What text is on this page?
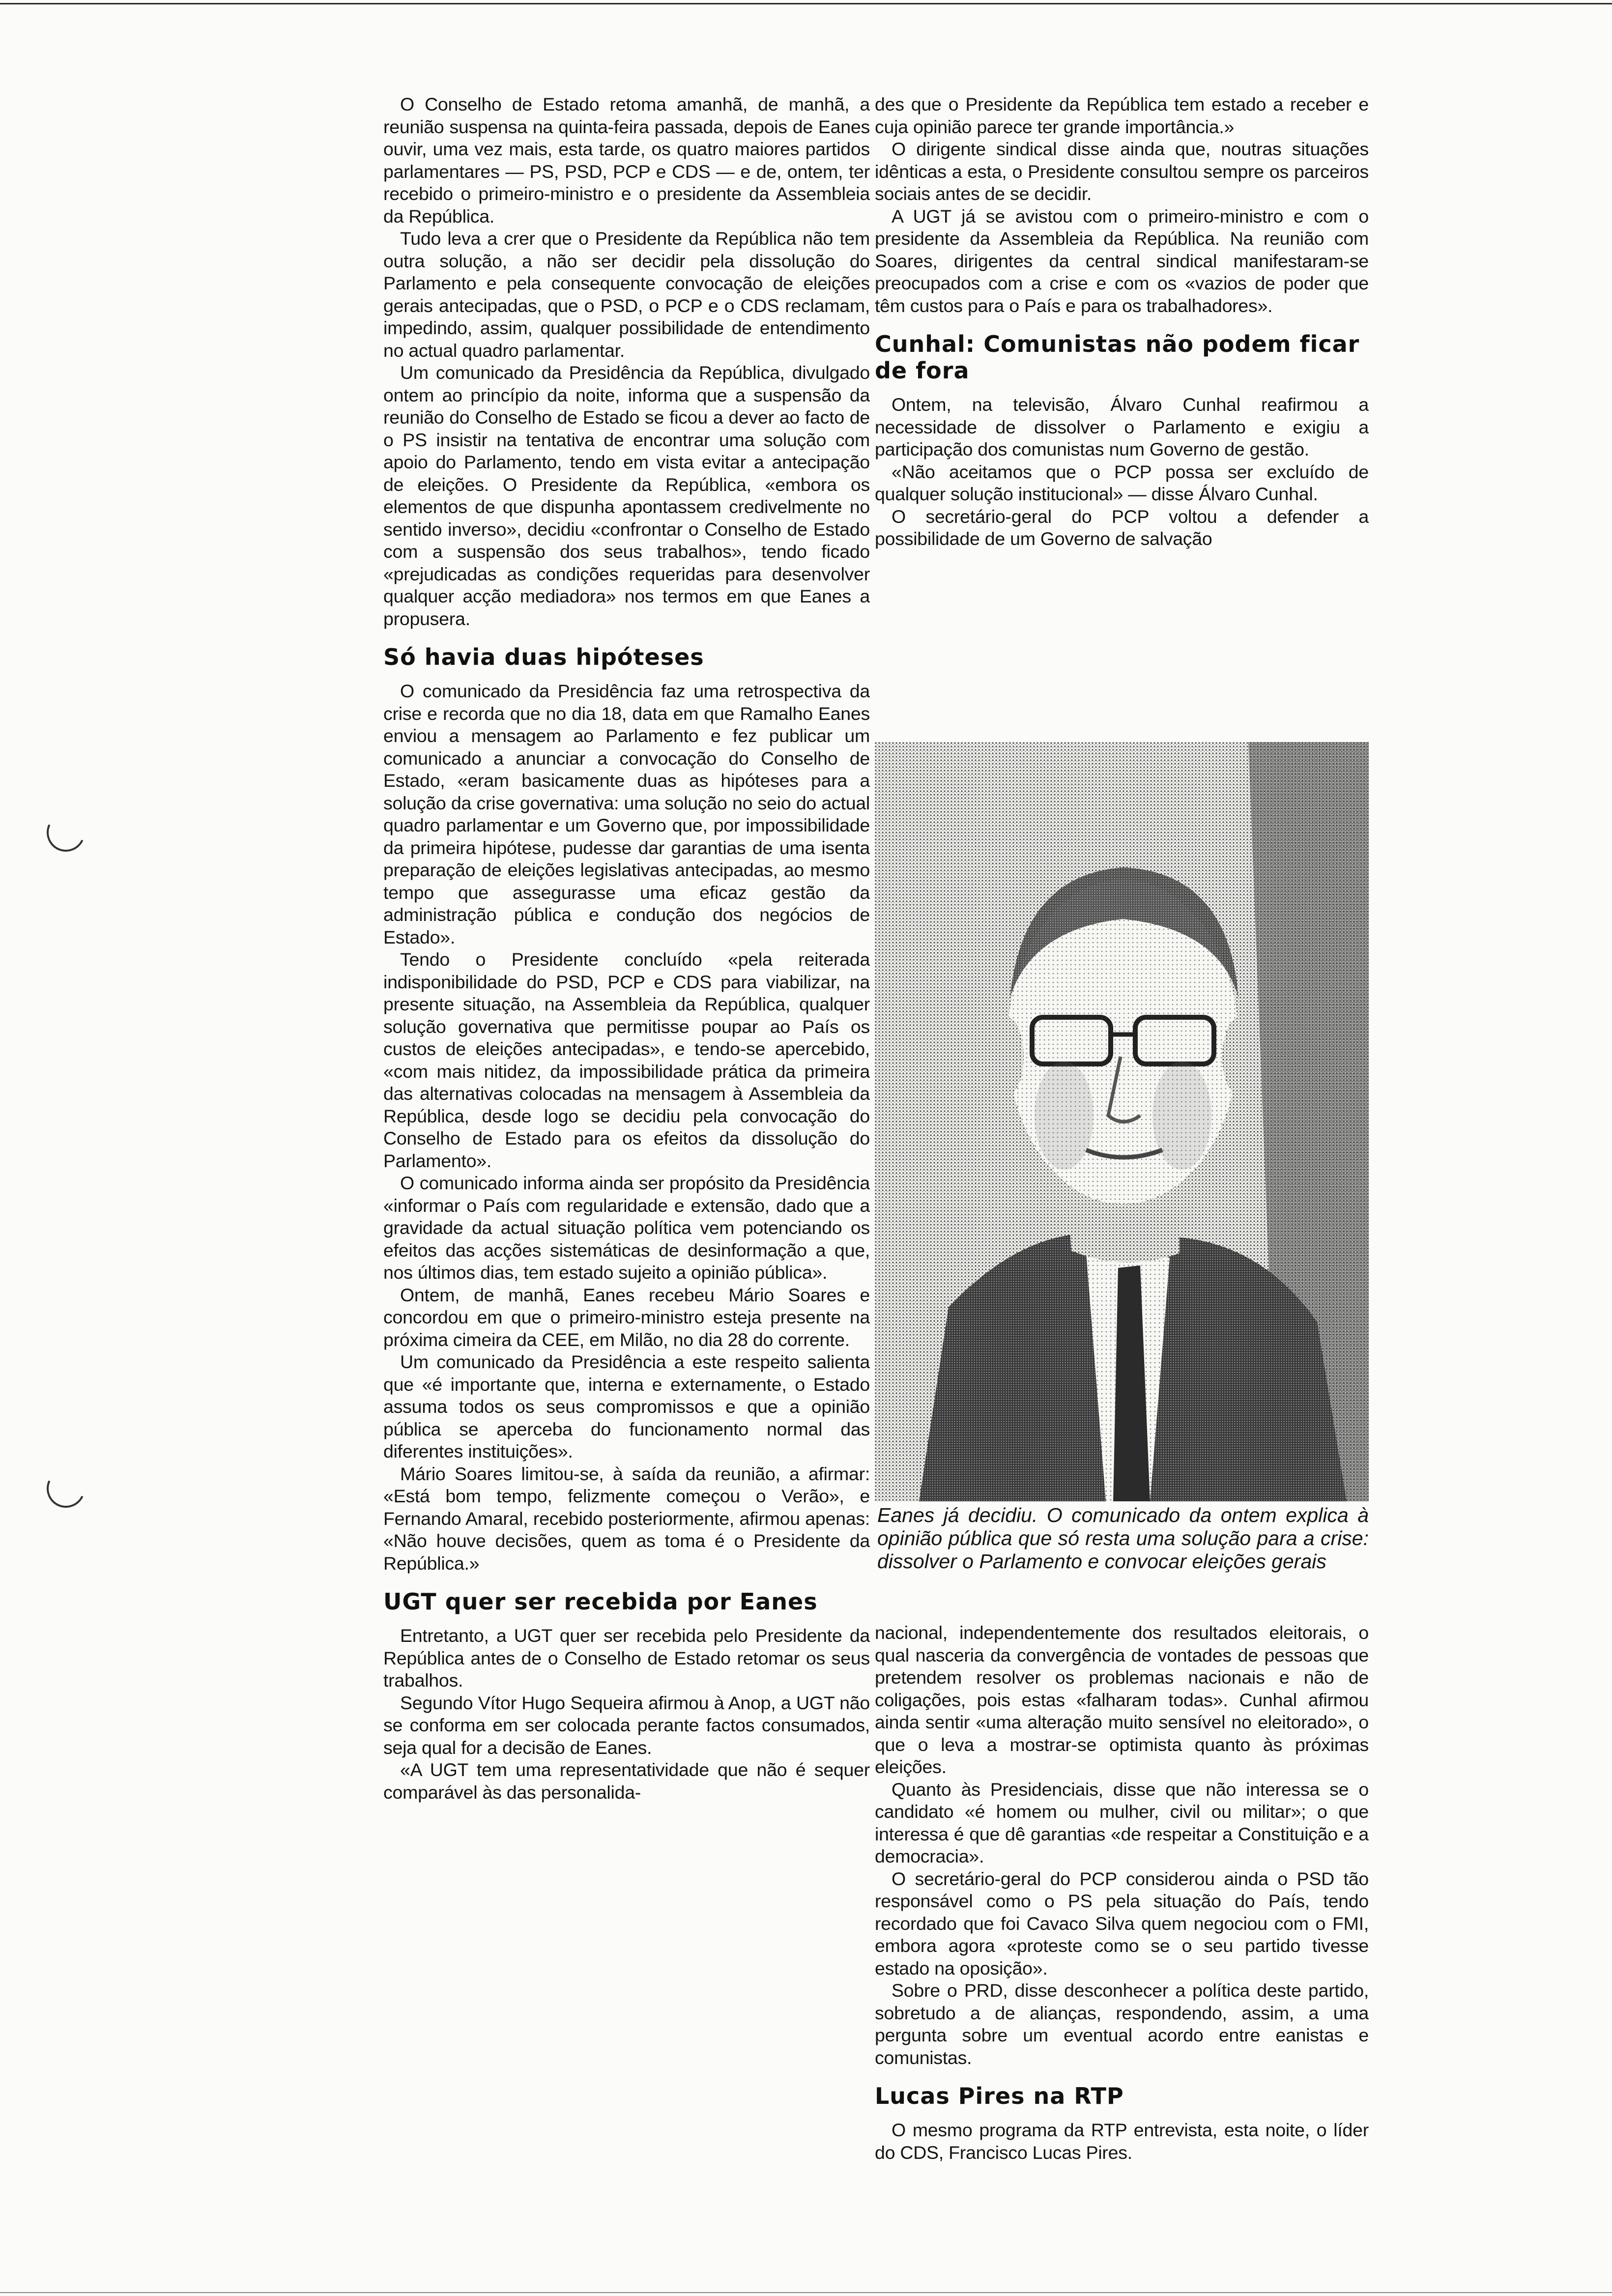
O Conselho de Estado retoma amanhã, de manhã, a reunião suspensa na quinta-feira passada, depois de Eanes ouvir, uma vez mais, esta tarde, os quatro maiores partidos parlamentares — PS, PSD, PCP e CDS — e de, ontem, ter recebido o primeiro-ministro e o presidente da Assembleia da República.

Tudo leva a crer que o Presidente da República não tem outra solução, a não ser decidir pela dissolução do Parlamento e pela consequente convocação de eleições gerais antecipadas, que o PSD, o PCP e o CDS reclamam, impedindo, assim, qualquer possibilidade de entendimento no actual quadro parlamentar.

Um comunicado da Presidência da República, divulgado ontem ao princípio da noite, informa que a suspensão da reunião do Conselho de Estado se ficou a dever ao facto de o PS insistir na tentativa de encontrar uma solução com apoio do Parlamento, tendo em vista evitar a antecipação de eleições. O Presidente da República, «embora os elementos de que dispunha apontassem credivelmente no sentido inverso», decidiu «confrontar o Conselho de Estado com a suspensão dos seus trabalhos», tendo ficado «prejudicadas as condições requeridas para desenvolver qualquer acção mediadora» nos termos em que Eanes a propusera.

Só havia duas hipóteses

O comunicado da Presidência faz uma retrospectiva da crise e recorda que no dia 18, data em que Ramalho Eanes enviou a mensagem ao Parlamento e fez publicar um comunicado a anunciar a convocação do Conselho de Estado, «eram basicamente duas as hipóteses para a solução da crise governativa: uma solução no seio do actual quadro parlamentar e um Governo que, por impossibilidade da primeira hipótese, pudesse dar garantias de uma isenta preparação de eleições legislativas antecipadas, ao mesmo tempo que assegurasse uma eficaz gestão da administração pública e condução dos negócios de Estado».

Tendo o Presidente concluído «pela reiterada indisponibilidade do PSD, PCP e CDS para viabilizar, na presente situação, na Assembleia da República, qualquer solução governativa que permitisse poupar ao País os custos de eleições antecipadas», e tendo-se apercebido, «com mais nitidez, da impossibilidade prática da primeira das alternativas colocadas na mensagem à Assembleia da República, desde logo se decidiu pela convocação do Conselho de Estado para os efeitos da dissolução do Parlamento».

O comunicado informa ainda ser propósito da Presidência «informar o País com regularidade e extensão, dado que a gravidade da actual situação política vem potenciando os efeitos das acções sistemáticas de desinformação a que, nos últimos dias, tem estado sujeito a opinião pública».

Ontem, de manhã, Eanes recebeu Mário Soares e concordou em que o primeiro-ministro esteja presente na próxima cimeira da CEE, em Milão, no dia 28 do corrente.

Um comunicado da Presidência a este respeito salienta que «é importante que, interna e externamente, o Estado assuma todos os seus compromissos e que a opinião pública se aperceba do funcionamento normal das diferentes instituições».

Mário Soares limitou-se, à saída da reunião, a afirmar: «Está bom tempo, felizmente começou o Verão», e Fernando Amaral, recebido posteriormente, afirmou apenas: «Não houve decisões, quem as toma é o Presidente da República.»

UGT quer ser recebida por Eanes

Entretanto, a UGT quer ser recebida pelo Presidente da República antes de o Conselho de Estado retomar os seus trabalhos.

Segundo Vítor Hugo Sequeira afirmou à Anop, a UGT não se conforma em ser colocada perante factos consumados, seja qual for a decisão de Eanes.

«A UGT tem uma representatividade que não é sequer comparável às das personalida-

des que o Presidente da República tem estado a receber e cuja opinião parece ter grande importância.»

O dirigente sindical disse ainda que, noutras situações idênticas a esta, o Presidente consultou sempre os parceiros sociais antes de se decidir.

A UGT já se avistou com o primeiro-ministro e com o presidente da Assembleia da República. Na reunião com Soares, dirigentes da central sindical manifestaram-se preocupados com a crise e com os «vazios de poder que têm custos para o País e para os trabalhadores».

Cunhal: Comunistas não podem ficar de fora

Ontem, na televisão, Álvaro Cunhal reafirmou a necessidade de dissolver o Parlamento e exigiu a participação dos comunistas num Governo de gestão.

«Não aceitamos que o PCP possa ser excluído de qualquer solução institucional» — disse Álvaro Cunhal.

O secretário-geral do PCP voltou a defender a possibilidade de um Governo de salvação

Eanes já decidiu. O comunicado da ontem explica à opinião pública que só resta uma solução para a crise: dissolver o Parlamento e convocar eleições gerais

nacional, independentemente dos resultados eleitorais, o qual nasceria da convergência de vontades de pessoas que pretendem resolver os problemas nacionais e não de coligações, pois estas «falharam todas». Cunhal afirmou ainda sentir «uma alteração muito sensível no eleitorado», o que o leva a mostrar-se optimista quanto às próximas eleições.

Quanto às Presidenciais, disse que não interessa se o candidato «é homem ou mulher, civil ou militar»; o que interessa é que dê garantias «de respeitar a Constituição e a democracia».

O secretário-geral do PCP considerou ainda o PSD tão responsável como o PS pela situação do País, tendo recordado que foi Cavaco Silva quem negociou com o FMI, embora agora «proteste como se o seu partido tivesse estado na oposição».

Sobre o PRD, disse desconhecer a política deste partido, sobretudo a de alianças, respondendo, assim, a uma pergunta sobre um eventual acordo entre eanistas e comunistas.

Lucas Pires na RTP

O mesmo programa da RTP entrevista, esta noite, o líder do CDS, Francisco Lucas Pires.
